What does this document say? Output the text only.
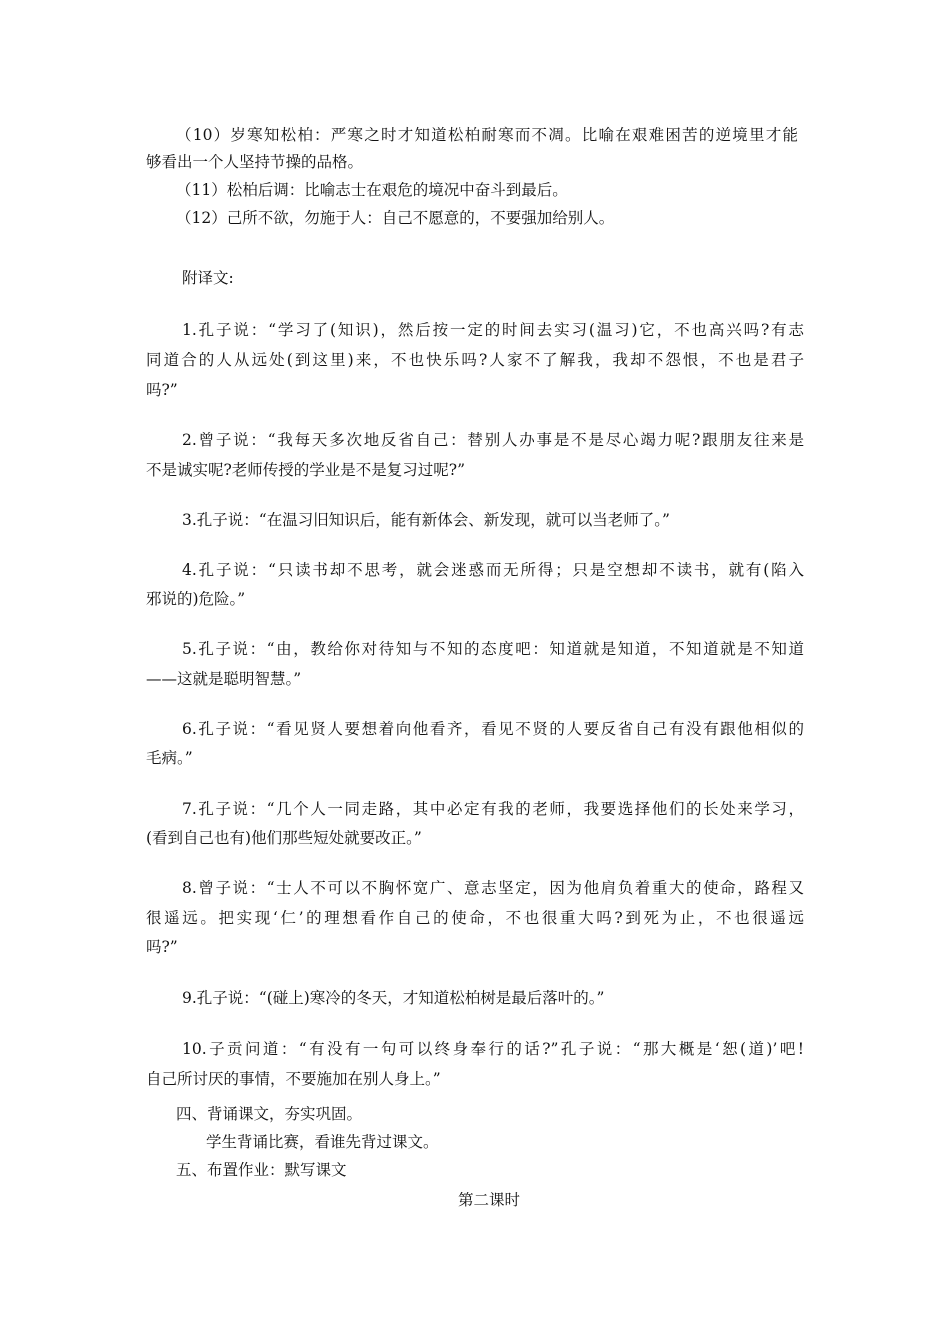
（10）岁寒知松柏：严寒之时才知道松柏耐寒而不凋。比喻在艰难困苦的逆境里才能
够看出一个人坚持节操的品格。
（11）松柏后调：比喻志士在艰危的境况中奋斗到最后。
（12）己所不欲，勿施于人：自己不愿意的，不要强加给别人。
附译文:
1.孔子说：“学习了(知识)，然后按一定的时间去实习(温习)它，不也高兴吗?有志
同道合的人从远处(到这里)来，不也快乐吗?人家不了解我，我却不怨恨，不也是君子
吗?”
2.曾子说：“我每天多次地反省自己：替别人办事是不是尽心竭力呢?跟朋友往来是
不是诚实呢?老师传授的学业是不是复习过呢?”
3.孔子说：“在温习旧知识后，能有新体会、新发现，就可以当老师了。”
4.孔子说：“只读书却不思考，就会迷惑而无所得；只是空想却不读书，就有(陷入
邪说的)危险。”
5.孔子说：“由，教给你对待知与不知的态度吧：知道就是知道，不知道就是不知道
——这就是聪明智慧。”
6.孔子说：“看见贤人要想着向他看齐，看见不贤的人要反省自己有没有跟他相似的
毛病。”
7.孔子说：“几个人一同走路，其中必定有我的老师，我要选择他们的长处来学习，
(看到自己也有)他们那些短处就要改正。”
8.曾子说：“士人不可以不胸怀宽广、意志坚定，因为他肩负着重大的使命，路程又
很遥远。把实现‘仁’的理想看作自己的使命，不也很重大吗?到死为止，不也很遥远
吗?”
9.孔子说：“(碰上)寒冷的冬天，才知道松柏树是最后落叶的。”
10.子贡问道：“有没有一句可以终身奉行的话?”孔子说：“那大概是‘恕(道)’吧!
自己所讨厌的事情，不要施加在别人身上。”
四、背诵课文，夯实巩固。
学生背诵比赛，看谁先背过课文。
五、布置作业：默写课文
第二课时
